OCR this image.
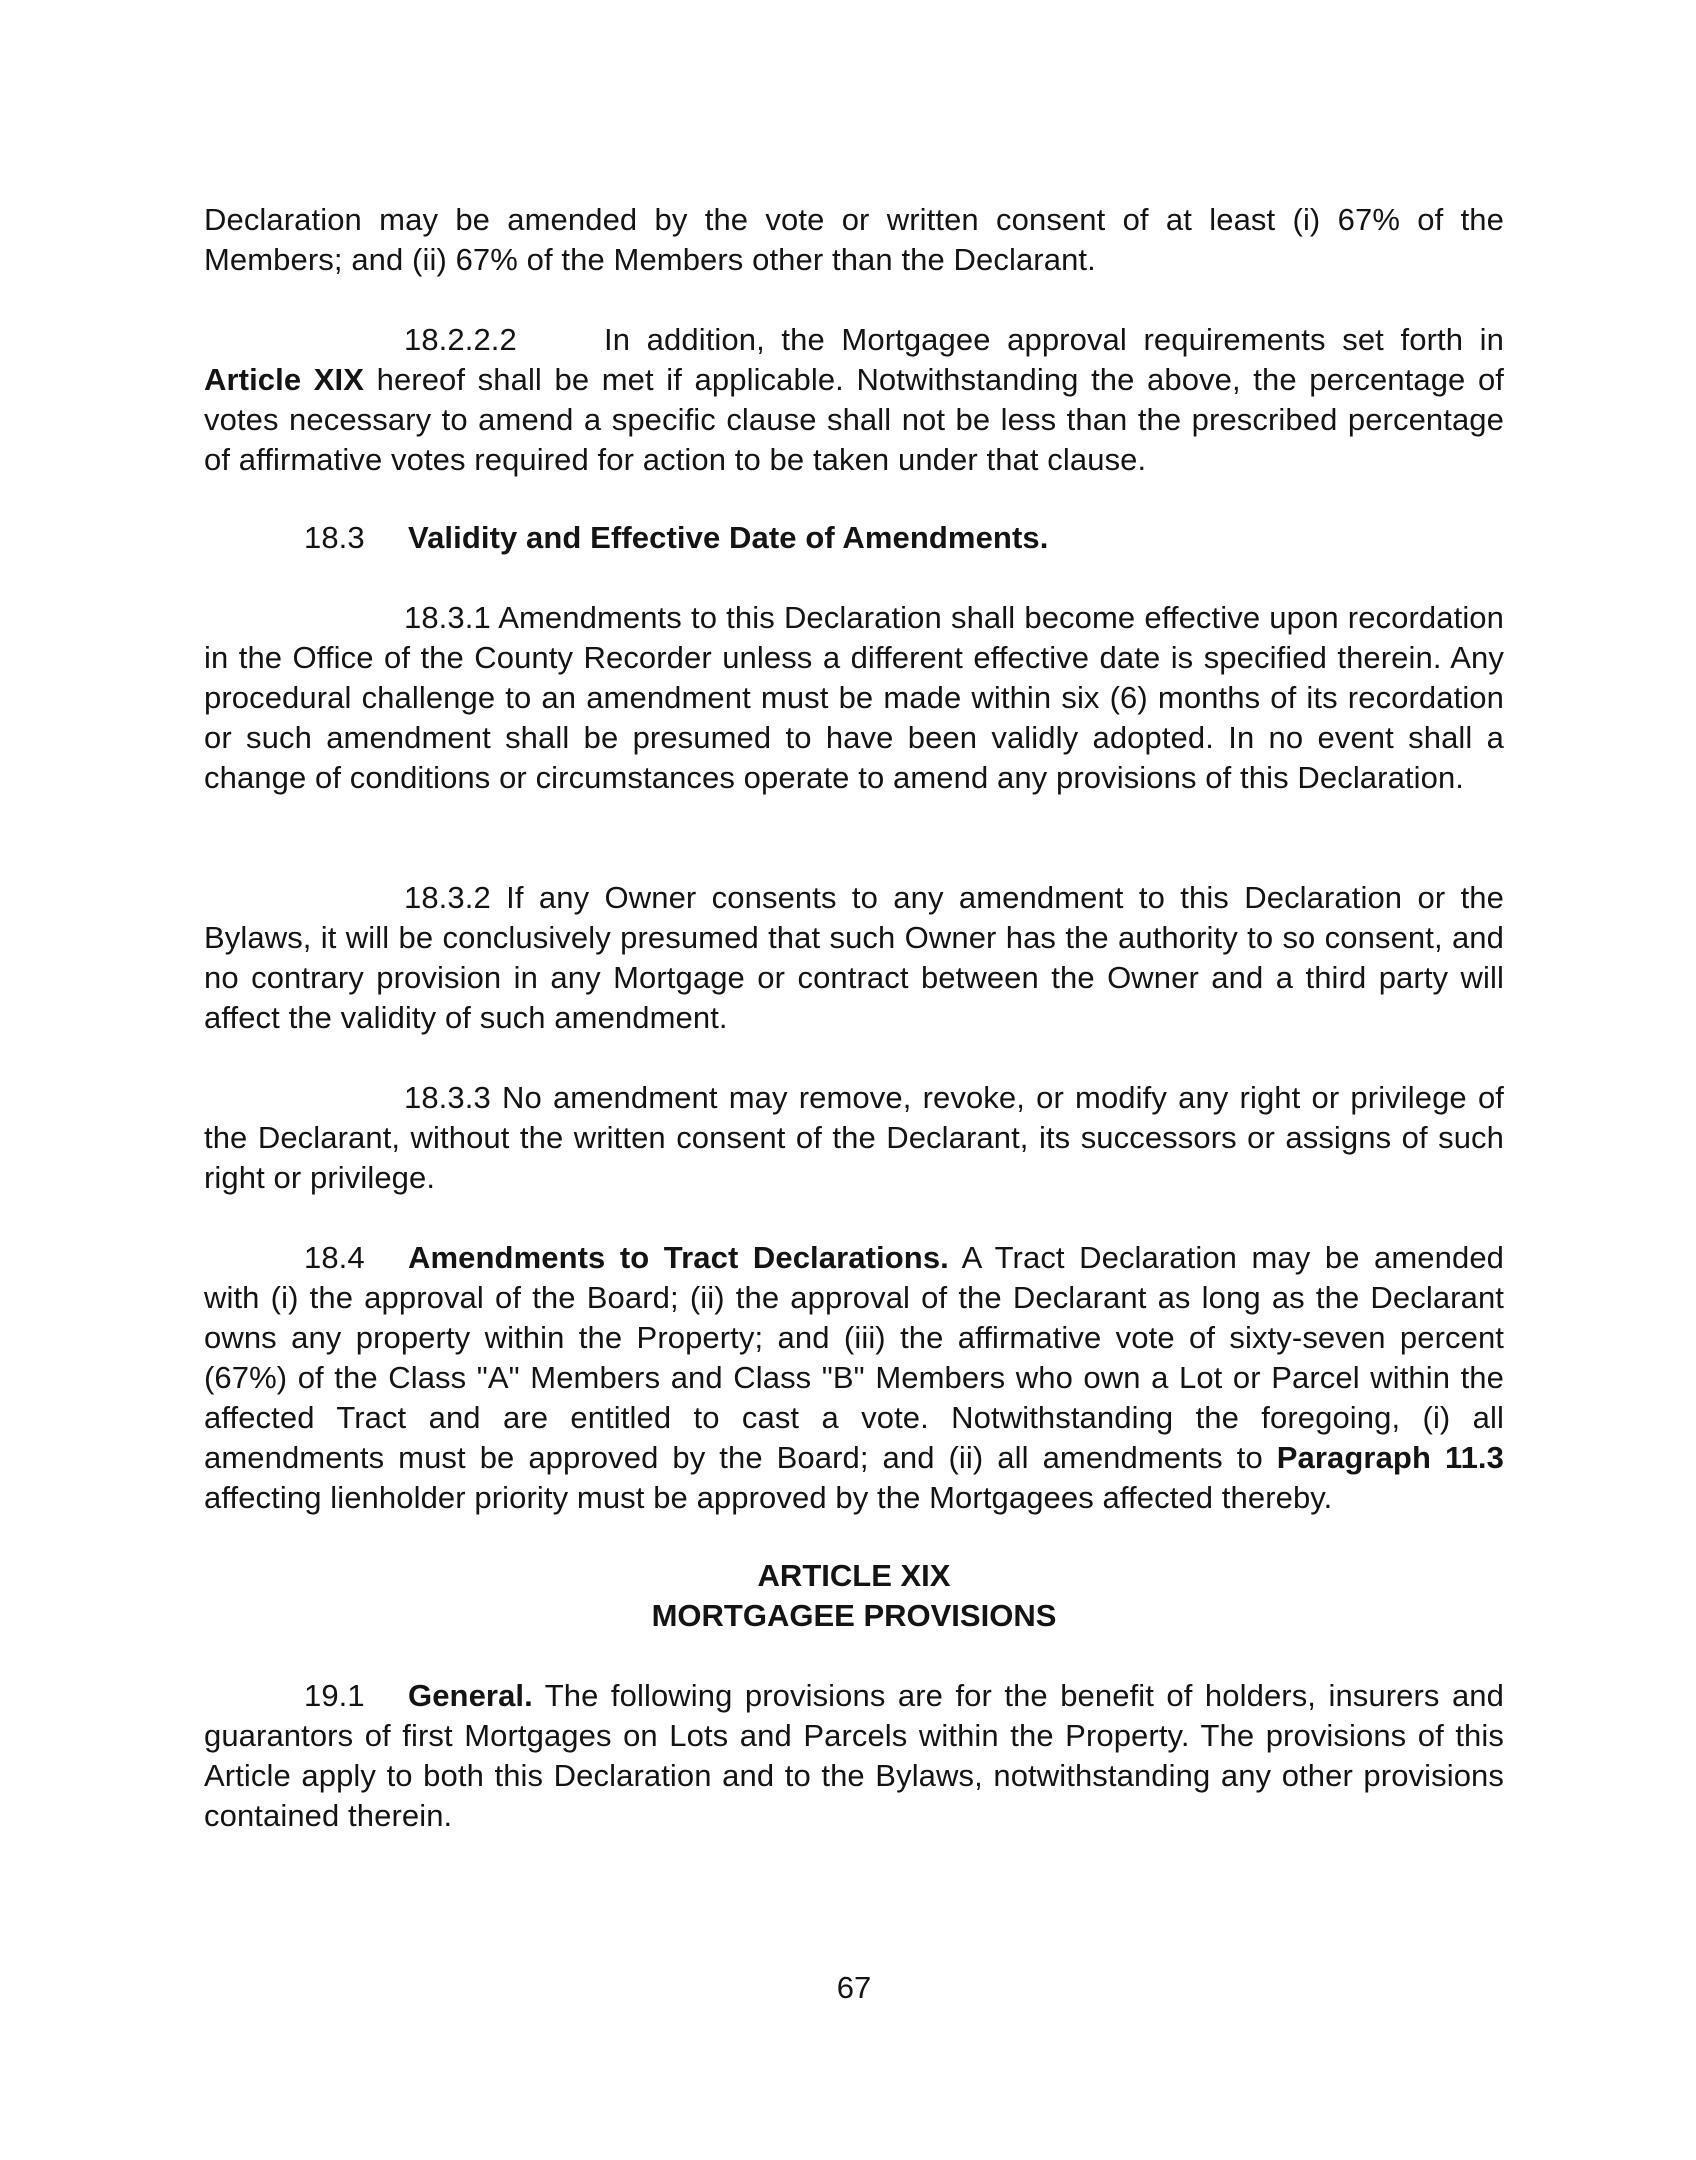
Declaration may be amended by the vote or written consent of at least (i) 67% of the Members; and (ii) 67% of the Members other than the Declarant.

18.2.2.2	In addition, the Mortgagee approval requirements set forth in Article XIX hereof shall be met if applicable. Notwithstanding the above, the percentage of votes necessary to amend a specific clause shall not be less than the prescribed percentage of affirmative votes required for action to be taken under that clause.

18.3 Validity and Effective Date of Amendments.

18.3.1 Amendments to this Declaration shall become effective upon recordation in the Office of the County Recorder unless a different effective date is specified therein. Any procedural challenge to an amendment must be made within six (6) months of its recordation or such amendment shall be presumed to have been validly adopted. In no event shall a change of conditions or circumstances operate to amend any provisions of this Declaration.

18.3.2 If any Owner consents to any amendment to this Declaration or the Bylaws, it will be conclusively presumed that such Owner has the authority to so consent, and no contrary provision in any Mortgage or contract between the Owner and a third party will affect the validity of such amendment.

18.3.3 No amendment may remove, revoke, or modify any right or privilege of the Declarant, without the written consent of the Declarant, its successors or assigns of such right or privilege.

18.4 Amendments to Tract Declarations. A Tract Declaration may be amended with (i) the approval of the Board; (ii) the approval of the Declarant as long as the Declarant owns any property within the Property; and (iii) the affirmative vote of sixty-seven percent (67%) of the Class "A" Members and Class "B" Members who own a Lot or Parcel within the affected Tract and are entitled to cast a vote. Notwithstanding the foregoing, (i) all amendments must be approved by the Board; and (ii) all amendments to Paragraph 11.3 affecting lienholder priority must be approved by the Mortgagees affected thereby.

ARTICLE XIX

MORTGAGEE PROVISIONS

19.1 General. The following provisions are for the benefit of holders, insurers and guarantors of first Mortgages on Lots and Parcels within the Property. The provisions of this Article apply to both this Declaration and to the Bylaws, notwithstanding any other provisions contained therein.

67
